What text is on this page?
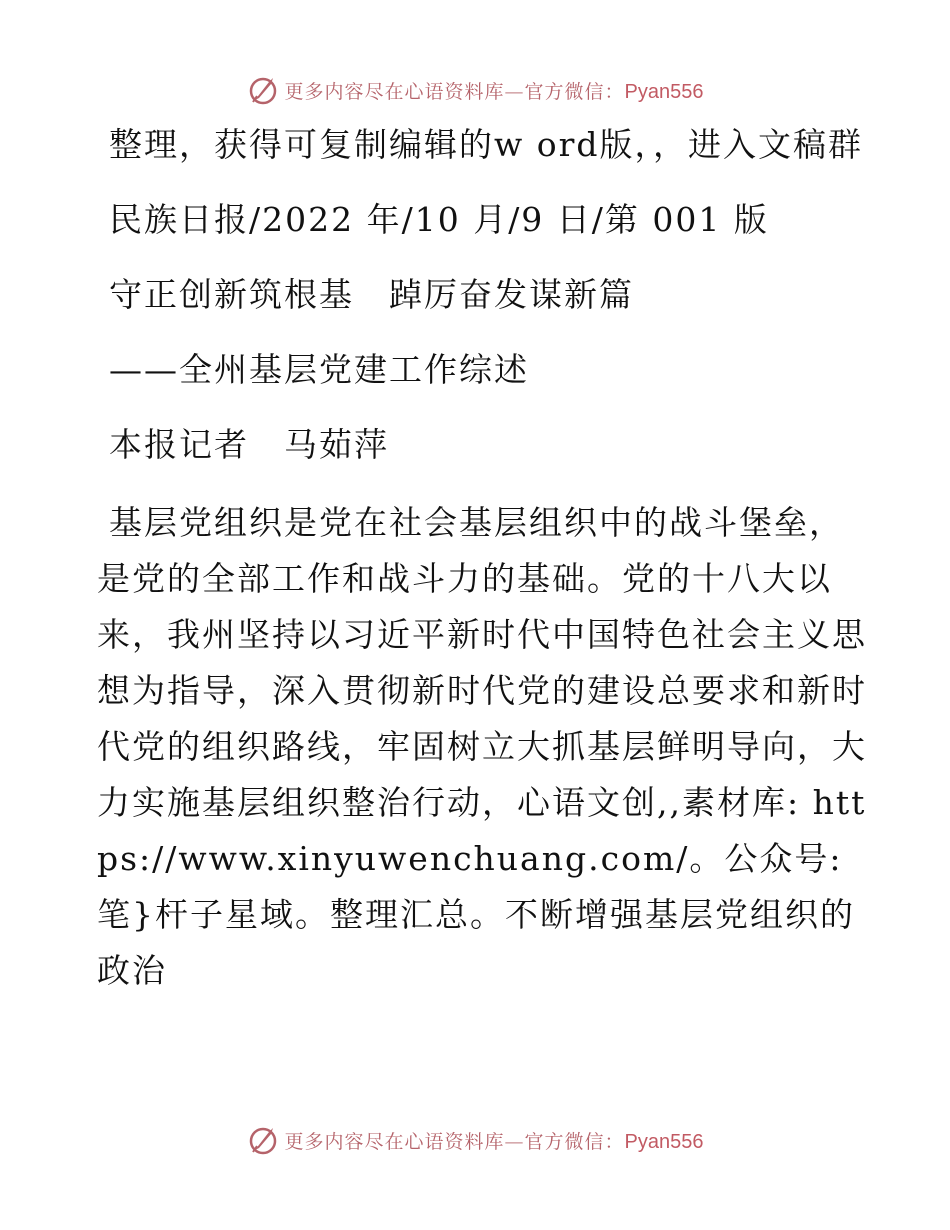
更多内容尽在心语资料库—官方微信：Pyan556

整理，获得可复制编辑的w ord版，，进入文稿群

民族日报/2022 年/10 月/9 日/第 001 版

守正创新筑根基　踔厉奋发谋新篇

——全州基层党建工作综述

本报记者　马茹萍

基层党组织是党在社会基层组织中的战斗堡垒，是党的全部工作和战斗力的基础。党的十八大以来，我州坚持以习近平新时代中国特色社会主义思想为指导，深入贯彻新时代党的建设总要求和新时代党的组织路线，牢固树立大抓基层鲜明导向，大力实施基层组织整治行动，心语文创,,素材库: https://www.xinyuwenchuang.com/。公众号: 笔}杆子星域。整理汇总。不断增强基层党组织的政治

更多内容尽在心语资料库—官方微信：Pyan556
